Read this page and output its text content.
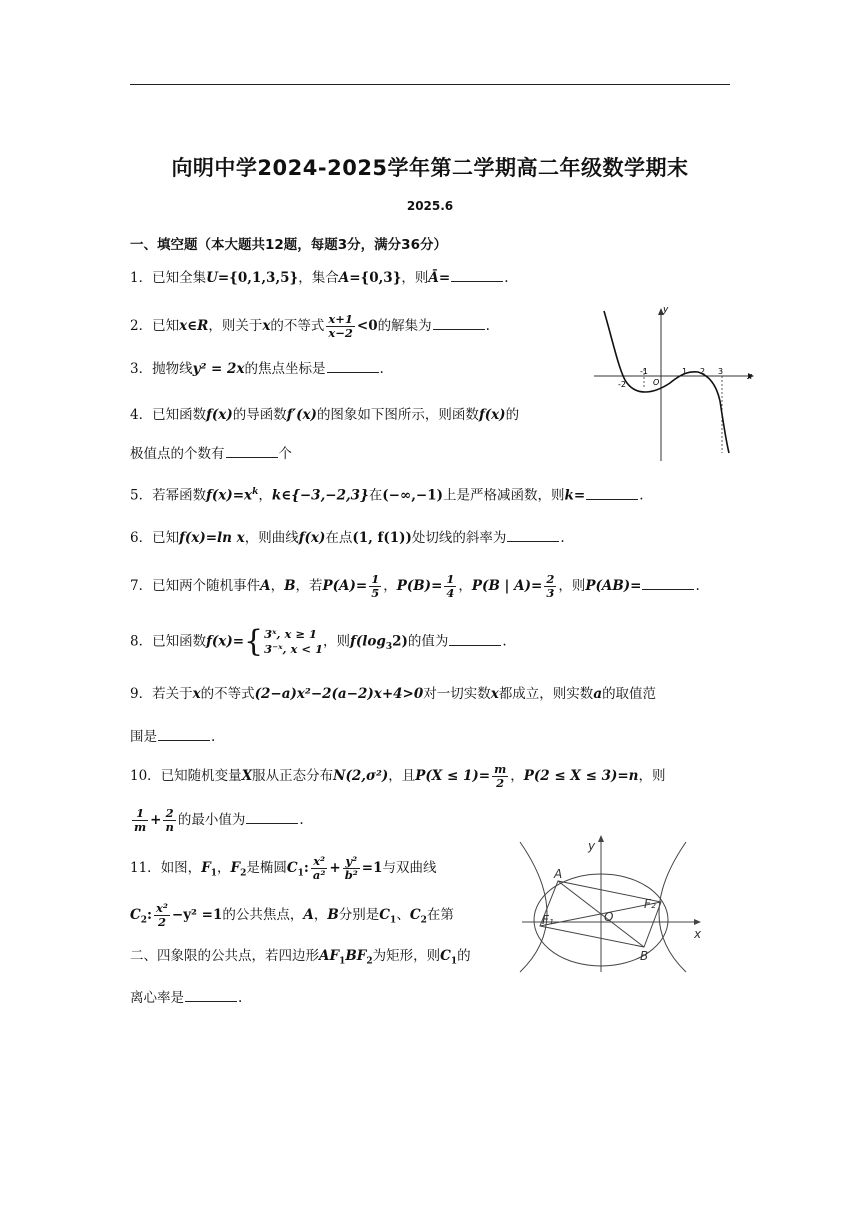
向明中学2024-2025学年第二学期高二年级数学期末
2025.6
一、填空题（本大题共12题，每题3分，满分36分）
1．已知全集U={0,1,3,5}，集合A={0,3}，则Ā=	.
2．已知x∈R，则关于x的不等式 $\frac{x+1}{x-2} <0$的解集为	.
3．抛物线y² = 2x的焦点坐标是	.
4．已知函数f(x)的导函数f′(x)的图象如下图所示，则函数f(x)的
极值点的个数有	个
y
x
-2
-1
O
1 2 3
5．若幂函数$f(x)=x^k$，k∈{−3,−2,3}在(−∞,−1)上是严格减函数，则k=	.
6．已知f(x)=ln x，则曲线f(x)在点(1, f(1))处切线的斜率为	.
7．已知两个随机事件A，B，若$P(A)= \frac{1}{5}$ ，$P(B)= \frac{1}{4}$ ，P(B | $A)= \frac{2}{3}$ ，则P(AB)=	.
8．已知函数f(x)={ 3ˣ, x ≥ 1
3⁻ˣ, x < 1 ，则$f(\log_32)$的值为	.
9．若关于x的不等式(2−a)x²−2(a−2)x+4>0对一切实数x都成立，则实数a的取值范
围是	.
10．已知随机变量X服从正态分布N(2,σ²)，且$P(X \le 1)= \frac{m}{2}$ ，P(2 ≤ X ≤ 3)=n，则
$\frac{1}{m} + \frac{2}{n}$ 的最小值为	.
11．如图，$F_1$，$F_2$是椭圆$C_1$: $\frac{\text{x²}}{\text{a²}} + \frac{\text{y²}}{\text{b²}} =1$与双曲线
$C_2$: $\frac{\text{x²}}{2} -y^2 =1$的公共焦点，A，B分别是$C_1$、$C_2$在第
二、四象限的公共点，若四边形$AF_1BF_2$为矩形，则$C_1$的
离心率是	.
y
x
A
B
F₁
F₂
O
